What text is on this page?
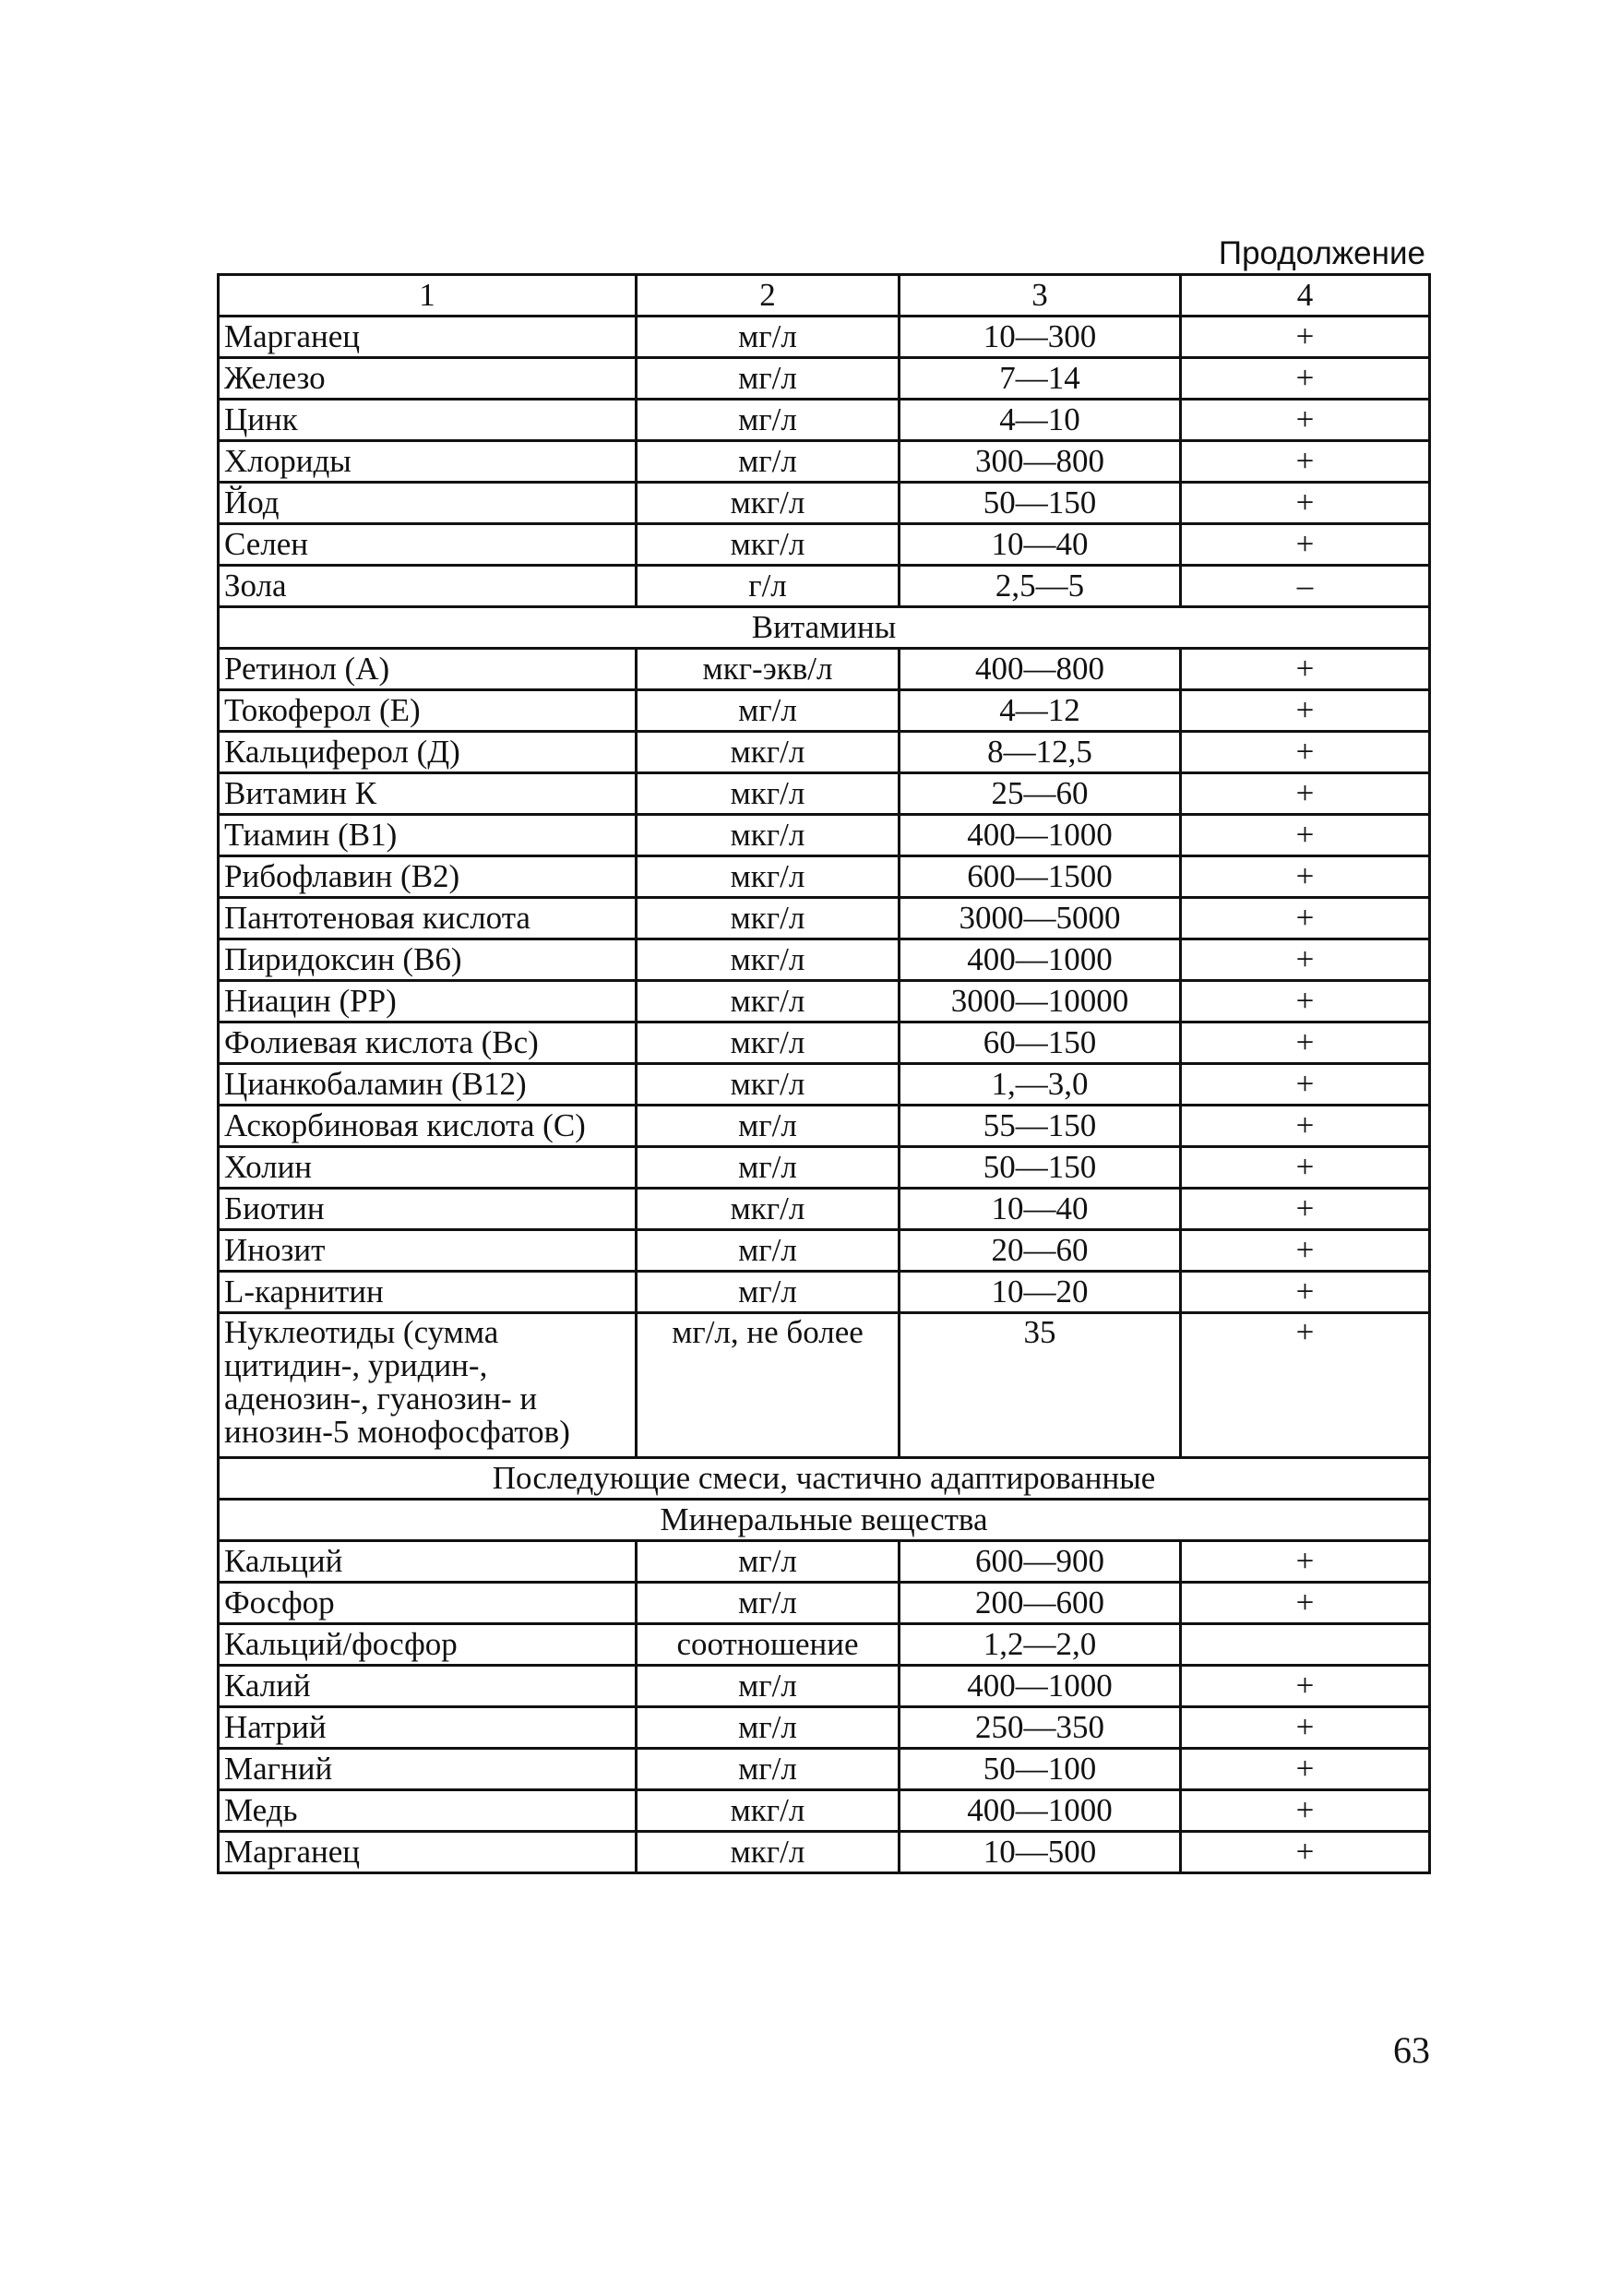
Продолжение
1	2	3	4
Марганец	мг/л	10—300	+
Железо	мг/л	7—14	+
Цинк	мг/л	4—10	+
Хлориды	мг/л	300—800	+
Йод	мкг/л	50—150	+
Селен	мкг/л	10—40	+
Зола	г/л	2,5—5	–
Витамины			
Ретинол (А)	мкг-экв/л	400—800	+
Токоферол (Е)	мг/л	4—12	+
Кальциферол (Д)	мкг/л	8—12,5	+
Витамин К	мкг/л	25—60	+
Тиамин (В1)	мкг/л	400—1000	+
Рибофлавин (В2)	мкг/л	600—1500	+
Пантотеновая кислота	мкг/л	3000—5000	+
Пиридоксин (В6)	мкг/л	400—1000	+
Ниацин (РР)	мкг/л	3000—10000	+
Фолиевая кислота (Вс)	мкг/л	60—150	+
Цианкобаламин (В12)	мкг/л	1,—3,0	+
Аскорбиновая кислота (С)	мг/л	55—150	+
Холин	мг/л	50—150	+
Биотин	мкг/л	10—40	+
Инозит	мг/л	20—60	+
L-карнитин	мг/л	10—20	+
Нуклеотиды (сумма цитидин-, уридин-, аденозин-, гуанозин- и инозин-5 монофосфатов)	мг/л, не более	35	+
Последующие смеси, частично адаптированные			
Минеральные вещества			
Кальций	мг/л	600—900	+
Фосфор	мг/л	200—600	+
Кальций/фосфор	соотношение	1,2—2,0	
Калий	мг/л	400—1000	+
Натрий	мг/л	250—350	+
Магний	мг/л	50—100	+
Медь	мкг/л	400—1000	+
Марганец	мкг/л	10—500	+
63
